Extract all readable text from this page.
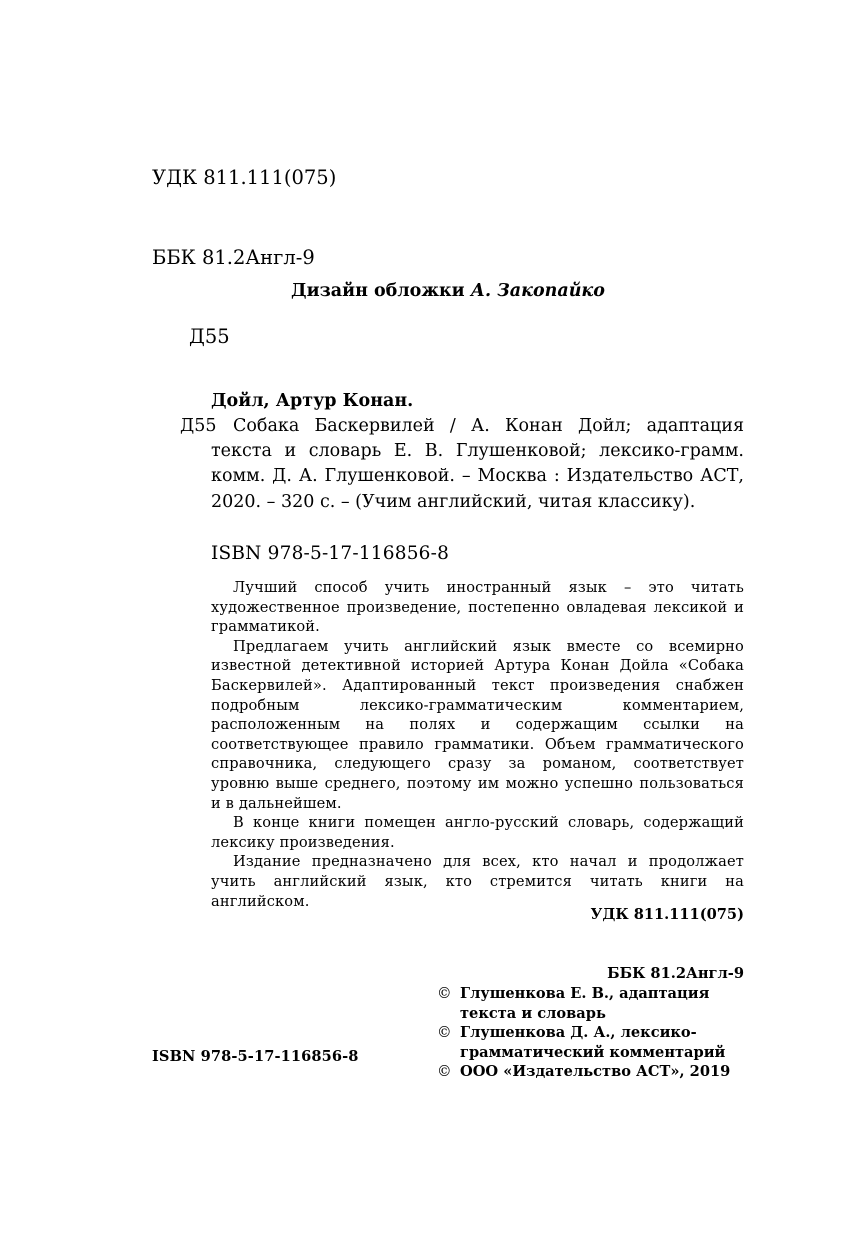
УДК 811.111(075)

ББК 81.2Англ-9

Д55

Дизайн обложки А. Закопайко
Дойл, Артур Конан.
Д55 Собака Баскервилей / А. Конан Дойл; адаптация текста и словарь Е. В. Глушенковой; лексико-грамм. комм. Д. А. Глушенковой. – Москва : Издательство АСТ, 2020. – 320 с. – (Учим английский, читая классику).
ISBN 978-5-17-116856-8

Лучший способ учить иностранный язык – это читать художественное произведение, постепенно овладевая лексикой и грамматикой.

Предлагаем учить английский язык вместе со всемирно известной детективной историей Артура Конан Дойла «Собака Баскервилей». Адаптированный текст произведения снабжен подробным лексико-грамматическим комментарием, расположенным на полях и содержащим ссылки на соответствующее правило грамматики. Объем грамматического справочника, следующего сразу за романом, соответствует уровню выше среднего, поэтому им можно успешно пользоваться и в дальнейшем.

В конце книги помещен англо-русский словарь, содержащий лексику произведения.

Издание предназначено для всех, кто начал и продолжает учить английский язык, кто стремится читать книги на английском.

УДК 811.111(075)

ББК 81.2Англ-9

© Глушенкова Е. В., адаптация текста и словарь
© Глушенкова Д. А., лексико-грамматический комментарий
© ООО «Издательство АСТ», 2019
ISBN 978-5-17-116856-8
